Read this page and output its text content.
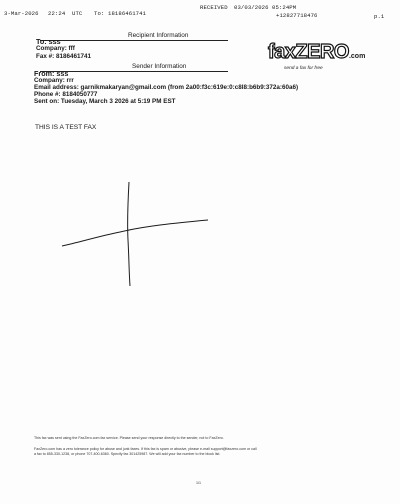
3-Mar-2026 22:24 UTC To: 18186461741
RECEIVED 03/03/2026 05:24PM
+12827718476	p.1
Recipient Information
To: sss
Company: fff
Fax #: 8186461741	faxZERO.com
send a fax for free
Sender Information
From: sss
Company: rrr
Email address: garnikmakaryan@gmail.com (from 2a00:f3c:619e:0:c8l8:b6b9:372a:60a6)
Phone #: 8184050777
Sent on: Tuesday, March 3 2026 at 5:19 PM EST
THIS IS A TEST FAX
This fax was sent using the FaxZero.com fax service. Please send your response directly to the sender, not to FaxZero.
FaxZero.com has a zero tolerance policy for abuse and junk faxes. If this fax is spam or abusive, please e-mail support@faxzero.com or call
a fax to 855-330-1238, or phone 707-400-6360. Specify fax 301425987. We will add your fax number to the block list.
1/1
